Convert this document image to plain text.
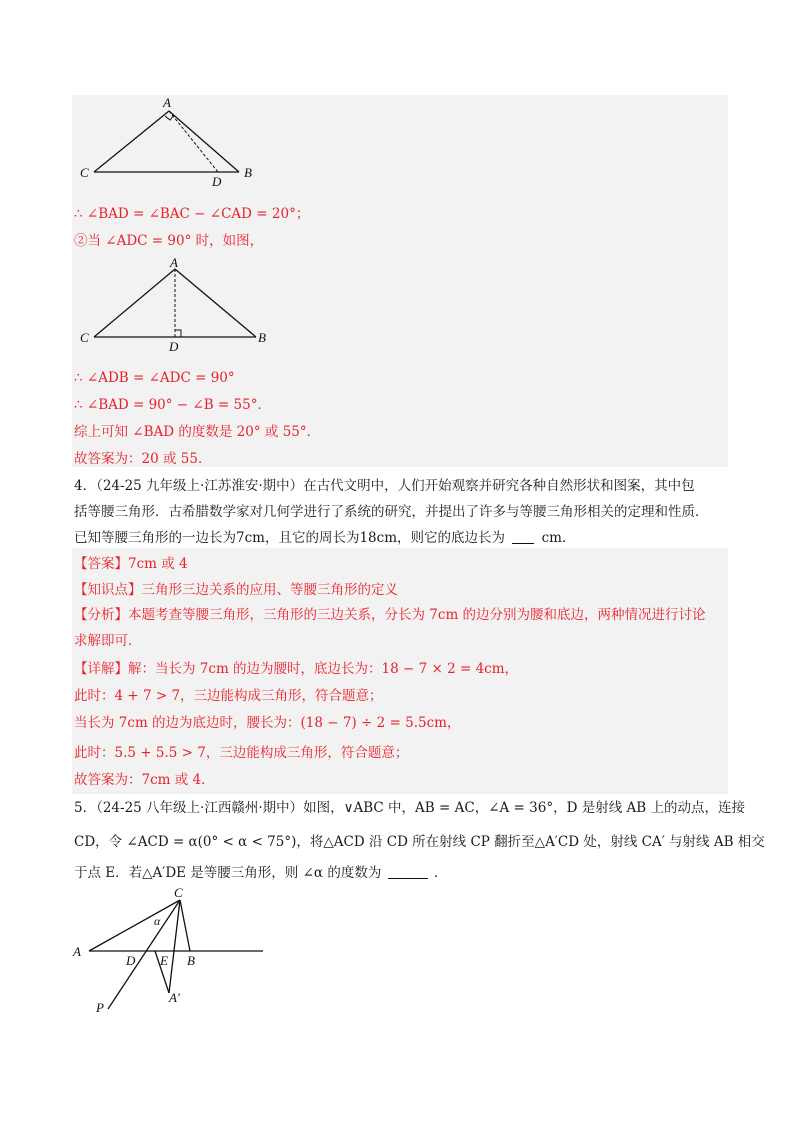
A
C	B
D
∴ ∠BAD = ∠BAC − ∠CAD = 20°；
②当 ∠ADC = 90° 时，如图，
A
C	B
D
∴ ∠ADB = ∠ADC = 90°
∴ ∠BAD = 90° − ∠B = 55°．
综上可知 ∠BAD 的度数是 20° 或 55°．
故答案为：20 或 55．
4．（24-25 九年级上·江苏淮安·期中）在古代文明中，人们开始观察并研究各种自然形状和图案，其中包
括等腰三角形．古希腊数学家对几何学进行了系统的研究，并提出了许多与等腰三角形相关的定理和性质．
已知等腰三角形的一边长为7cm，且它的周长为18cm，则它的底边长为	cm．
【答案】7cm 或 4
【知识点】三角形三边关系的应用、等腰三角形的定义
【分析】本题考查等腰三角形，三角形的三边关系，分长为 7cm 的边分别为腰和底边，两种情况进行讨论
求解即可．
【详解】解：当长为 7cm 的边为腰时，底边长为：18 − 7 × 2 = 4cm，
此时：4 + 7 > 7，三边能构成三角形，符合题意；
当长为 7cm 的边为底边时，腰长为：(18 − 7) ÷ 2 = 5.5cm，
此时：5.5 + 5.5 > 7，三边能构成三角形，符合题意；
故答案为：7cm 或 4．
5．（24-25 八年级上·江西赣州·期中）如图，∨ABC 中，AB = AC，∠A = 36°，D 是射线 AB 上的动点，连接
CD，令 ∠ACD = α(0° < α < 75°)，将△ACD 沿 CD 所在射线 CP 翻折至△A′CD 处，射线 CA′ 与射线 AB 相交
于点 E．若△A′DE 是等腰三角形，则 ∠α 的度数为	．
C
α
A
D E B
P
A′
